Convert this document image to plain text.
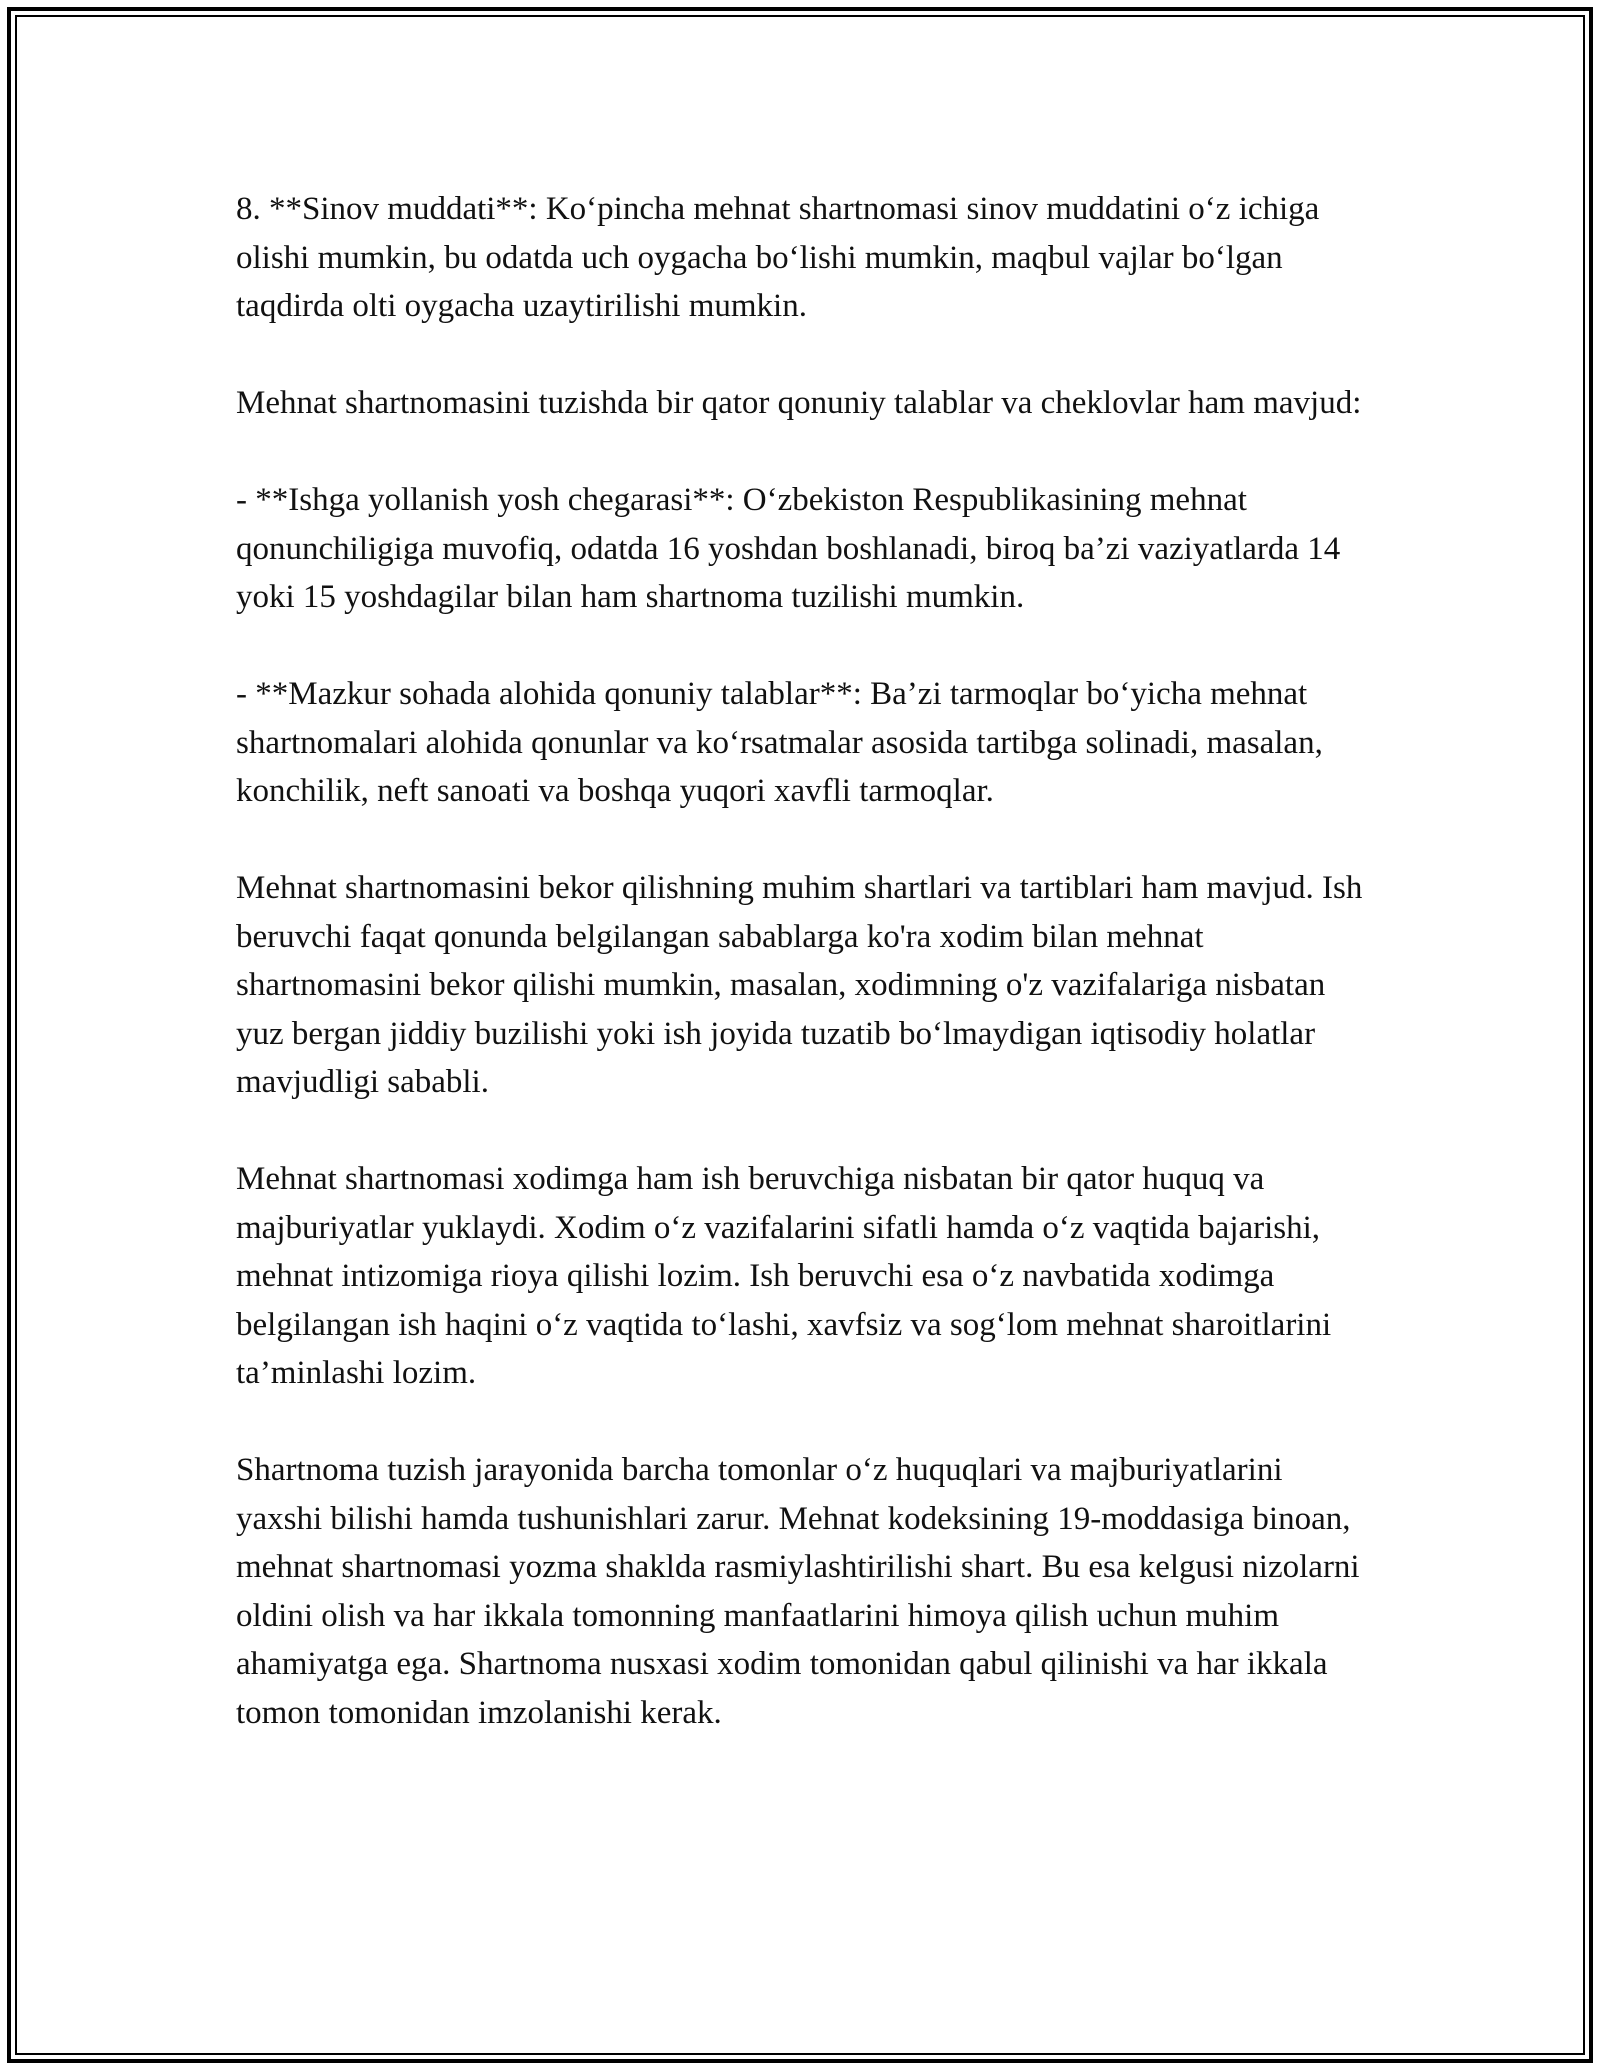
8. **Sinov muddati**: Ko‘pincha mehnat shartnomasi sinov muddatini o‘z ichiga olishi mumkin, bu odatda uch oygacha bo‘lishi mumkin, maqbul vajlar bo‘lgan taqdirda olti oygacha uzaytirilishi mumkin.

Mehnat shartnomasini tuzishda bir qator qonuniy talablar va cheklovlar ham mavjud:

- **Ishga yollanish yosh chegarasi**: O‘zbekiston Respublikasining mehnat qonunchiligiga muvofiq, odatda 16 yoshdan boshlanadi, biroq ba’zi vaziyatlarda 14 yoki 15 yoshdagilar bilan ham shartnoma tuzilishi mumkin.

- **Mazkur sohada alohida qonuniy talablar**: Ba’zi tarmoqlar bo‘yicha mehnat shartnomalari alohida qonunlar va ko‘rsatmalar asosida tartibga solinadi, masalan, konchilik, neft sanoati va boshqa yuqori xavfli tarmoqlar.

Mehnat shartnomasini bekor qilishning muhim shartlari va tartiblari ham mavjud. Ish beruvchi faqat qonunda belgilangan sabablarga ko'ra xodim bilan mehnat shartnomasini bekor qilishi mumkin, masalan, xodimning o'z vazifalariga nisbatan yuz bergan jiddiy buzilishi yoki ish joyida tuzatib bo‘lmaydigan iqtisodiy holatlar mavjudligi sababli.

Mehnat shartnomasi xodimga ham ish beruvchiga nisbatan bir qator huquq va majburiyatlar yuklaydi. Xodim o‘z vazifalarini sifatli hamda o‘z vaqtida bajarishi, mehnat intizomiga rioya qilishi lozim. Ish beruvchi esa o‘z navbatida xodimga belgilangan ish haqini o‘z vaqtida to‘lashi, xavfsiz va sog‘lom mehnat sharoitlarini ta’minlashi lozim.

Shartnoma tuzish jarayonida barcha tomonlar o‘z huquqlari va majburiyatlarini yaxshi bilishi hamda tushunishlari zarur. Mehnat kodeksining 19-moddasiga binoan, mehnat shartnomasi yozma shaklda rasmiylashtirilishi shart. Bu esa kelgusi nizolarni oldini olish va har ikkala tomonning manfaatlarini himoya qilish uchun muhim ahamiyatga ega. Shartnoma nusxasi xodim tomonidan qabul qilinishi va har ikkala tomon tomonidan imzolanishi kerak.
